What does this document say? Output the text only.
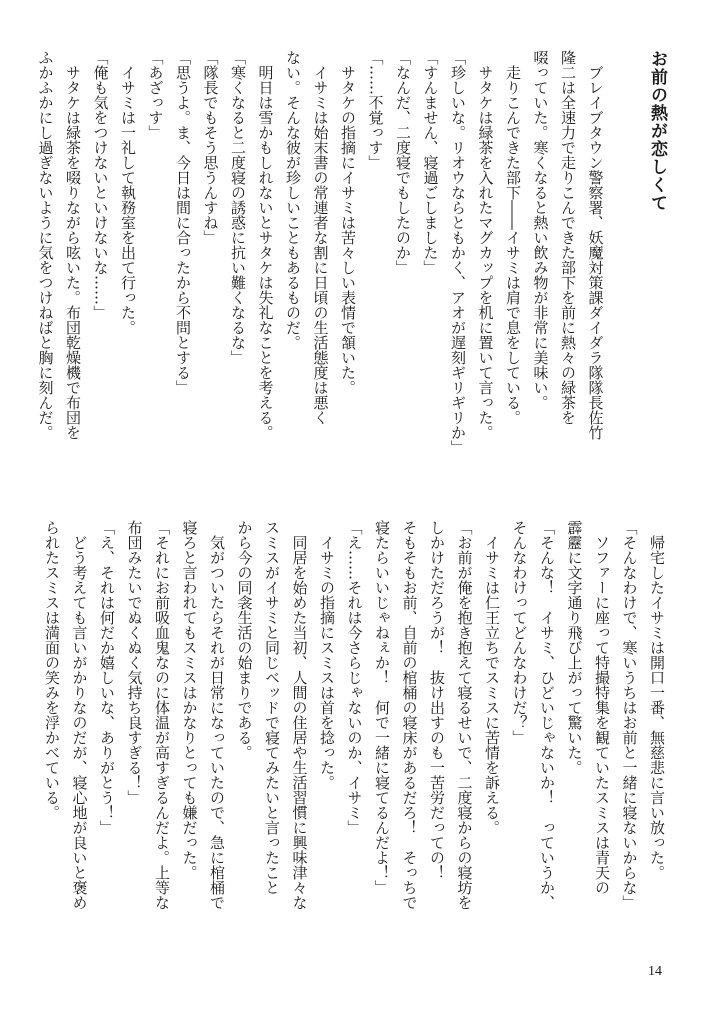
お前の熱が恋しくて

ブレイブタウン警察署、妖魔対策課ダイダラ隊隊長佐竹

隆二は全速力で走りこんできた部下を前に熱々の緑茶を

啜っていた。寒くなると熱い飲み物が非常に美味い。

走りこんできた部下――イサミは肩で息をしている。

サタケは緑茶を入れたマグカップを机に置いて言った。

「珍しいな。リオウならともかく、アオが遅刻ギリギリか」

「すんません、寝過ごしました」

「なんだ、二度寝でもしたのか」

「……不覚っす」

サタケの指摘にイサミは苦々しい表情で頷いた。

イサミは始末書の常連者な割に日頃の生活態度は悪く

ない。そんな彼が珍しいこともあるものだ。

明日は雪かもしれないとサタケは失礼なことを考える。

「寒くなると二度寝の誘惑に抗い難くなるな」

「隊長でもそう思うんすね」

「思うよ。ま、今日は間に合ったから不問とする」

「あざっす」

イサミは一礼して執務室を出て行った。

「俺も気をつけないといけないな……」

サタケは緑茶を啜りながら呟いた。布団乾燥機で布団を

ふかふかにし過ぎないように気をつけねばと胸に刻んだ。

帰宅したイサミは開口一番、無慈悲に言い放った。

「そんなわけで、寒いうちはお前と一緒に寝ないからな」

ソファーに座って特撮特集を観ていたスミスは青天の

霹靂に文字通り飛び上がって驚いた。

「そんな！　イサミ、ひどいじゃないか！　っていうか、

そんなわけってどんなわけだ？」

イサミは仁王立ちでスミスに苦情を訴える。

「お前が俺を抱き抱えて寝るせいで、二度寝からの寝坊を

しかけただろうが！　抜け出すのも一苦労だっての！

そもそもお前、自前の棺桶の寝床があるだろ！　そっちで

寝たらいいじゃねぇか！　何で一緒に寝てるんだよ！」

「え……それは今さらじゃないのか、イサミ」

イサミの指摘にスミスは首を捻った。

同居を始めた当初、人間の住居や生活習慣に興味津々な

スミスがイサミと同じベッドで寝てみたいと言ったこと

から今の同衾生活の始まりである。

気がついたらそれが日常になっていたので、急に棺桶で

寝ろと言われてもスミスはかなりとっても嫌だった。

「それにお前吸血鬼なのに体温が高すぎるんだよ。上等な

布団みたいでぬくぬく気持ち良すぎる！」

「え、それは何だか嬉しいな、ありがとう！」

どう考えても言いがかりなのだが、寝心地が良いと褒め

られたスミスは満面の笑みを浮かべている。

14
